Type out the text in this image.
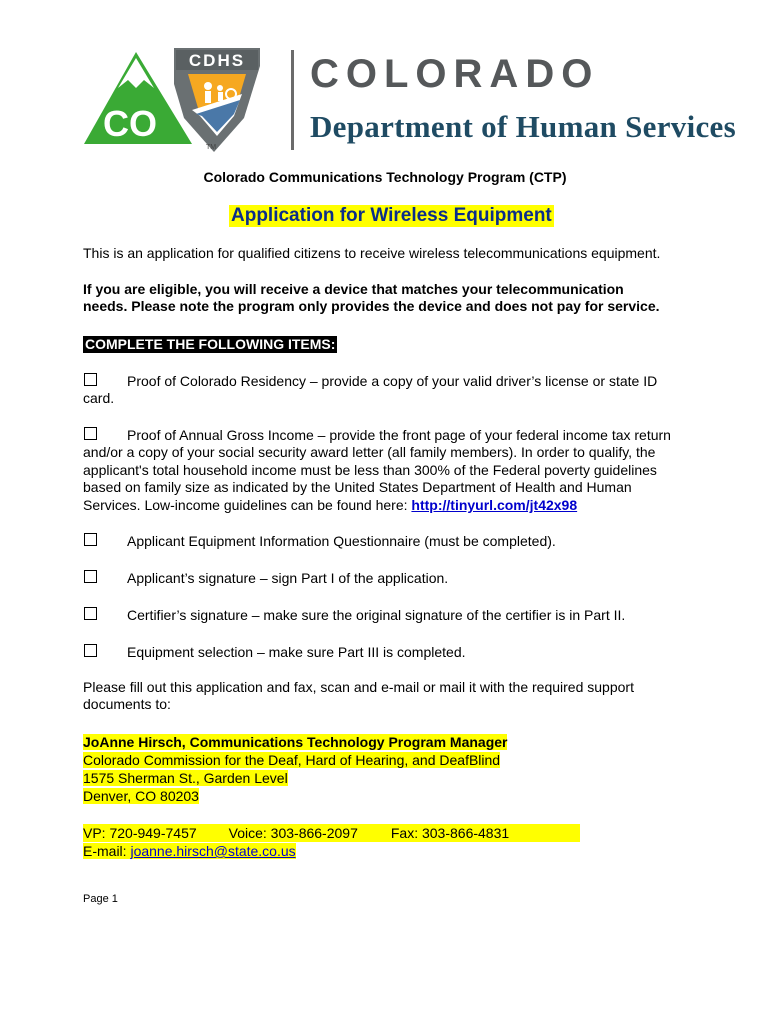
CO
CDHS
TM
COLORADO
Department of Human Services
Colorado Communications Technology Program (CTP)
Application for Wireless Equipment
This is an application for qualified citizens to receive wireless telecommunications equipment.
If you are eligible, you will receive a device that matches your telecommunication
needs. Please note the program only provides the device and does not pay for service.
COMPLETE THE FOLLOWING ITEMS:
Proof of Colorado Residency – provide a copy of your valid driver’s license or state ID
card.
Proof of Annual Gross Income – provide the front page of your federal income tax return
and/or a copy of your social security award letter (all family members). In order to qualify, the
applicant's total household income must be less than 300% of the Federal poverty guidelines
based on family size as indicated by the United States Department of Health and Human
Services. Low-income guidelines can be found here: http://tinyurl.com/jt42x98
Applicant Equipment Information Questionnaire (must be completed).
Applicant’s signature – sign Part I of the application.
Certifier’s signature – make sure the original signature of the certifier is in Part II.
Equipment selection – make sure Part III is completed.
Please fill out this application and fax, scan and e-mail or mail it with the required support
documents to:
JoAnne Hirsch, Communications Technology Program Manager
Colorado Commission for the Deaf, Hard of Hearing, and DeafBlind
1575 Sherman St., Garden Level
Denver, CO 80203
VP: 720-949-7457 Voice: 303-866-2097 Fax: 303-866-4831
E-mail: joanne.hirsch@state.co.us
Page 1
